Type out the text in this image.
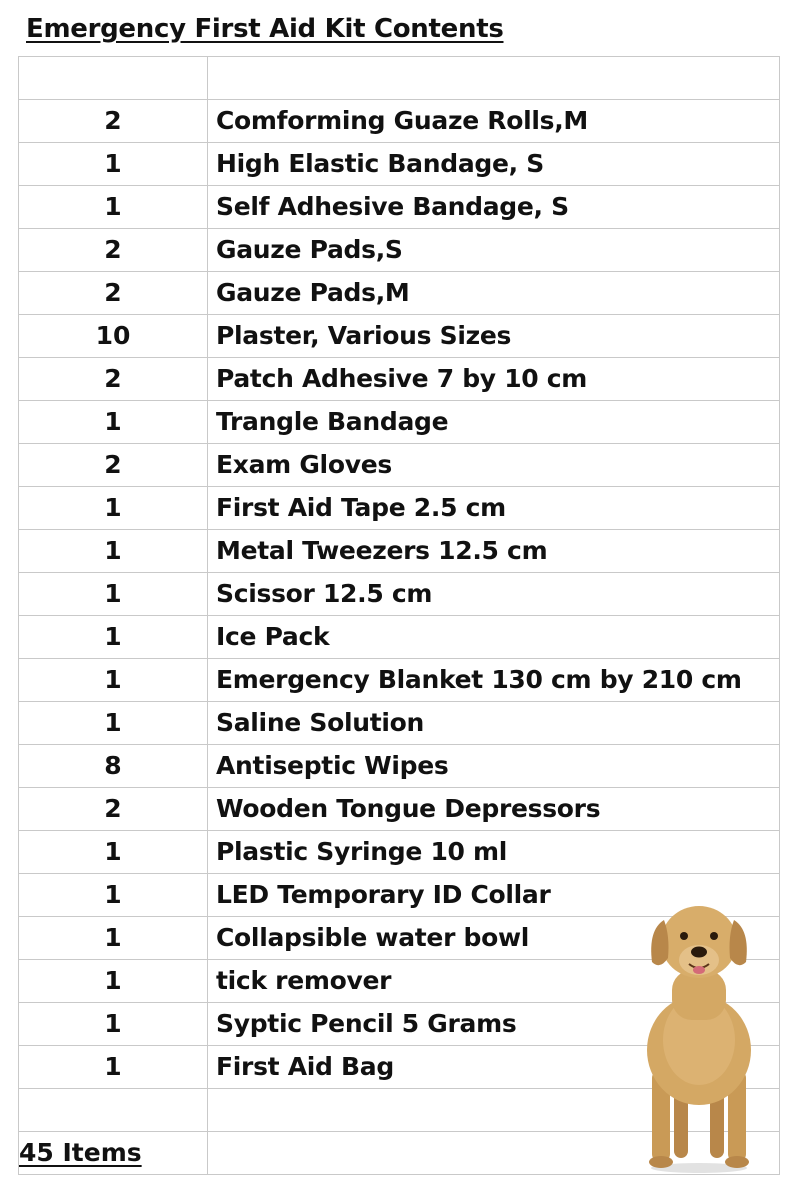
Emergency First Aid Kit Contents

2	Comforming Guaze Rolls,M
1	High Elastic Bandage, S
1	Self Adhesive Bandage, S
2	Gauze Pads,S
2	Gauze Pads,M
10	Plaster, Various Sizes
2	Patch Adhesive 7 by 10 cm
1	Trangle Bandage
2	Exam Gloves
1	First Aid Tape 2.5 cm
1	Metal Tweezers 12.5 cm
1	Scissor 12.5 cm
1	Ice Pack
1	Emergency Blanket 130 cm by 210 cm
1	Saline Solution
8	Antiseptic Wipes
2	Wooden Tongue Depressors
1	Plastic Syringe 10 ml
1	LED Temporary ID Collar
1	Collapsible water bowl
1	tick remover
1	Syptic Pencil 5 Grams
1	First Aid Bag

45 Items	
